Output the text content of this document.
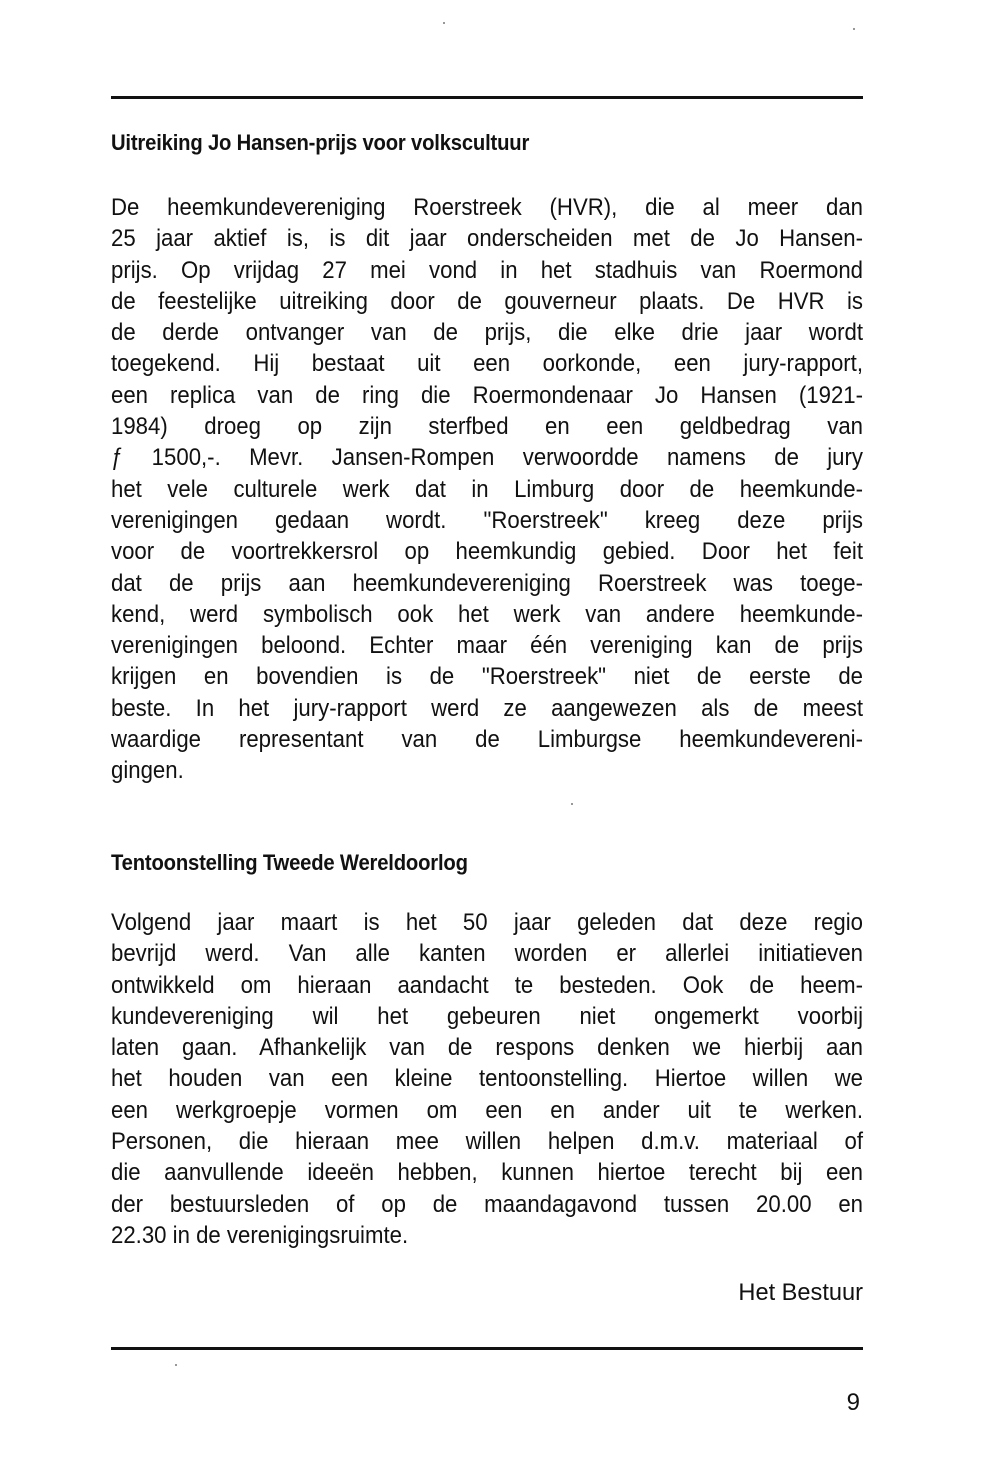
Uitreiking Jo Hansen-prijs voor volkscultuur
De heemkundevereniging Roerstreek (HVR), die al meer dan
25 jaar aktief is, is dit jaar onderscheiden met de Jo Hansen-
prijs. Op vrijdag 27 mei vond in het stadhuis van Roermond
de feestelijke uitreiking door de gouverneur plaats. De HVR is
de derde ontvanger van de prijs, die elke drie jaar wordt
toegekend. Hij bestaat uit een oorkonde, een jury-rapport,
een replica van de ring die Roermondenaar Jo Hansen (1921-
1984) droeg op zijn sterfbed en een geldbedrag van
ƒ 1500,-. Mevr. Jansen-Rompen verwoordde namens de jury
het vele culturele werk dat in Limburg door de heemkunde-
verenigingen gedaan wordt. "Roerstreek" kreeg deze prijs
voor de voortrekkersrol op heemkundig gebied. Door het feit
dat de prijs aan heemkundevereniging Roerstreek was toege-
kend, werd symbolisch ook het werk van andere heemkunde-
verenigingen beloond. Echter maar één vereniging kan de prijs
krijgen en bovendien is de "Roerstreek" niet de eerste de
beste. In het jury-rapport werd ze aangewezen als de meest
waardige representant van de Limburgse heemkundevereni-
gingen.
Tentoonstelling Tweede Wereldoorlog
Volgend jaar maart is het 50 jaar geleden dat deze regio
bevrijd werd. Van alle kanten worden er allerlei initiatieven
ontwikkeld om hieraan aandacht te besteden. Ook de heem-
kundevereniging wil het gebeuren niet ongemerkt voorbij
laten gaan. Afhankelijk van de respons denken we hierbij aan
het houden van een kleine tentoonstelling. Hiertoe willen we
een werkgroepje vormen om een en ander uit te werken.
Personen, die hieraan mee willen helpen d.m.v. materiaal of
die aanvullende ideeën hebben, kunnen hiertoe terecht bij een
der bestuursleden of op de maandagavond tussen 20.00 en
22.30 in de verenigingsruimte.
Het Bestuur
9
